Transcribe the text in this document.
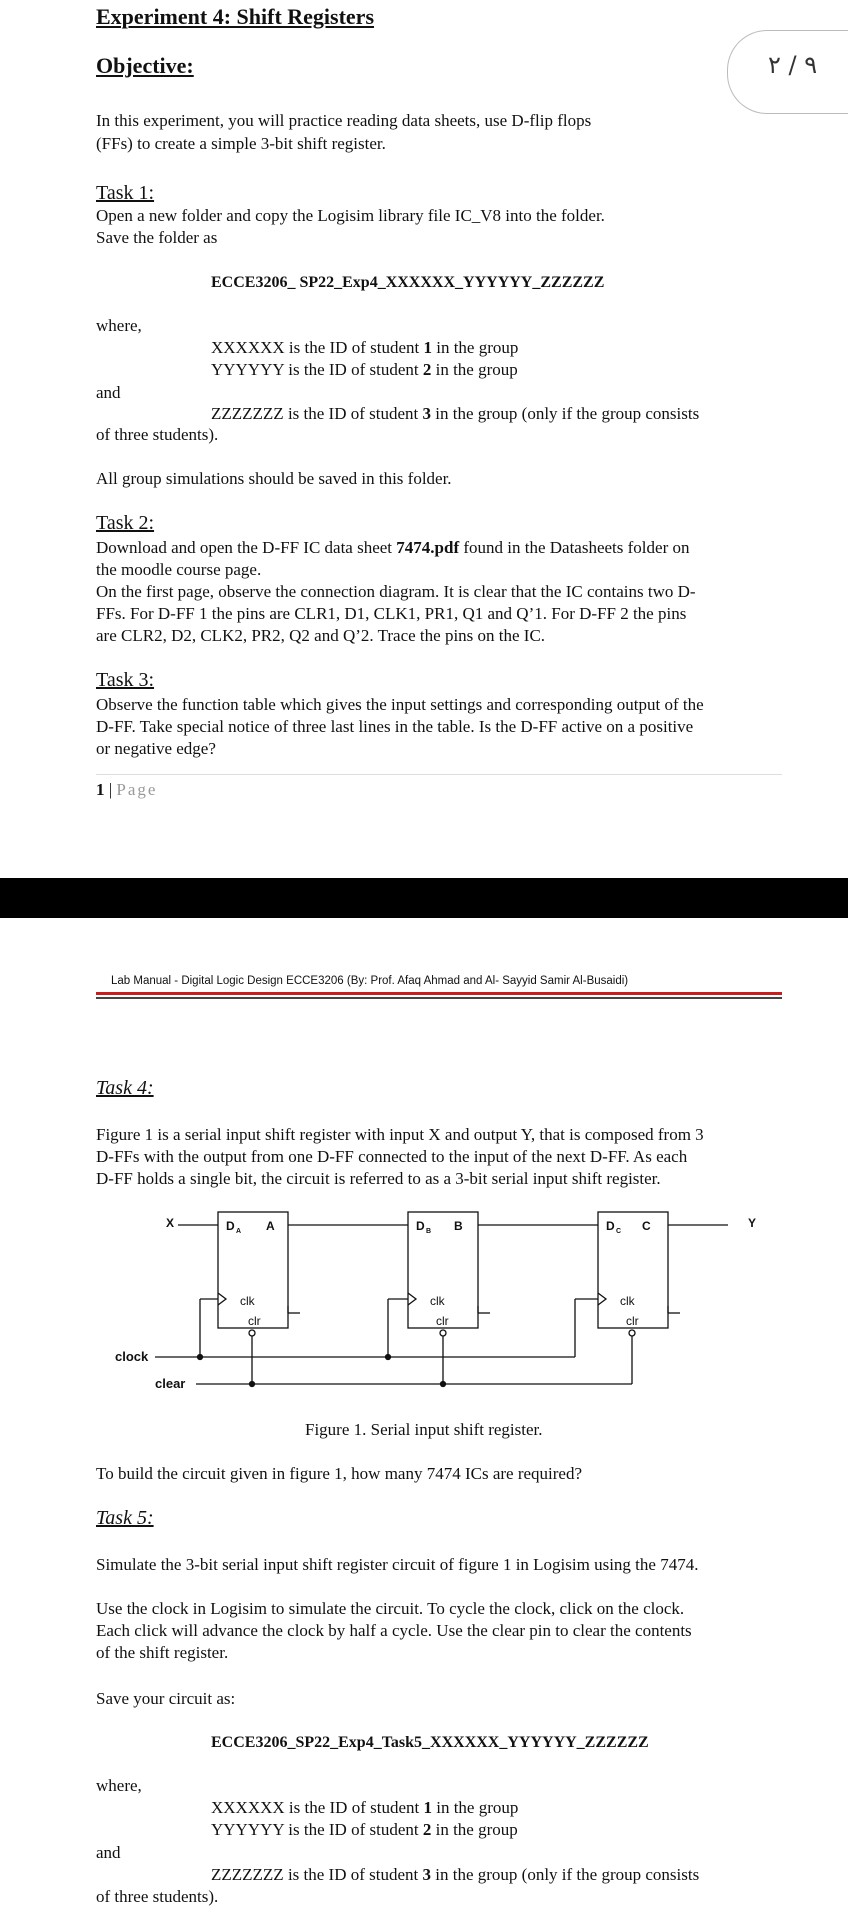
Experiment 4: Shift Registers
Objective:	٩ / ٢
In this experiment, you will practice reading data sheets, use D-flip flops
(FFs) to create a simple 3-bit shift register.
Task 1:
Open a new folder and copy the Logisim library file IC_V8 into the folder.
Save the folder as
ECCE3206_ SP22_Exp4_XXXXXX_YYYYYY_ZZZZZZ
where,
XXXXXX is the ID of student 1 in the group
YYYYYY is the ID of student 2 in the group
and
ZZZZZZZ is the ID of student 3 in the group (only if the group consists
of three students).
All group simulations should be saved in this folder.
Task 2:
Download and open the D-FF IC data sheet 7474.pdf found in the Datasheets folder on
the moodle course page.
On the first page, observe the connection diagram. It is clear that the IC contains two D-
FFs. For D-FF 1 the pins are CLR1, D1, CLK1, PR1, Q1 and Q’1. For D-FF 2 the pins
are CLR2, D2, CLK2, PR2, Q2 and Q’2. Trace the pins on the IC.
Task 3:
Observe the function table which gives the input settings and corresponding output of the
D-FF. Take special notice of three last lines in the table. Is the D-FF active on a positive
or negative edge?
1 | Page
Lab Manual - Digital Logic Design ECCE3206 (By: Prof. Afaq Ahmad and Al- Sayyid Samir Al-Busaidi)
Task 4:
Figure 1 is a serial input shift register with input X and output Y, that is composed from 3
D-FFs with the output from one D-FF connected to the input of the next D-FF. As each
D-FF holds a single bit, the circuit is referred to as a 3-bit serial input shift register.
X	D A A
clk
clr
D B B
clk
clr
D C C
clk
clr
Y
clock
clear
Figure 1. Serial input shift register.
To build the circuit given in figure 1, how many 7474 ICs are required?
Task 5:
Simulate the 3-bit serial input shift register circuit of figure 1 in Logisim using the 7474.
Use the clock in Logisim to simulate the circuit. To cycle the clock, click on the clock.
Each click will advance the clock by half a cycle. Use the clear pin to clear the contents
of the shift register.
Save your circuit as:
ECCE3206_SP22_Exp4_Task5_XXXXXX_YYYYYY_ZZZZZZ
where,
XXXXXX is the ID of student 1 in the group
YYYYYY is the ID of student 2 in the group
and
ZZZZZZZ is the ID of student 3 in the group (only if the group consists
of three students).
